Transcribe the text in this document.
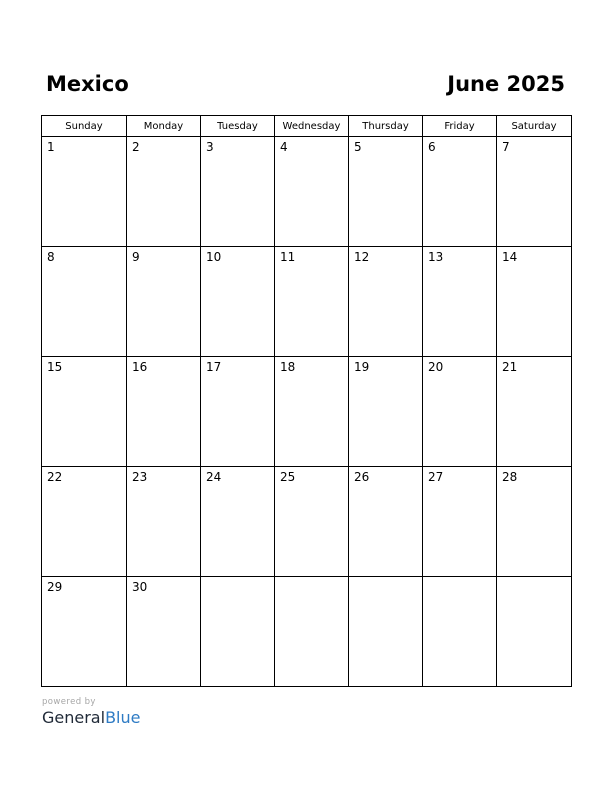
Mexico	June 2025
Sunday	Monday	Tuesday	Wednesday	Thursday	Friday	Saturday

1	2	3	4	5	6	7

8	9	10	11	12	13	14

15	16	17	18	19	20	21

22	23	24	25	26	27	28

29	30					

powered by
GeneralBlue
